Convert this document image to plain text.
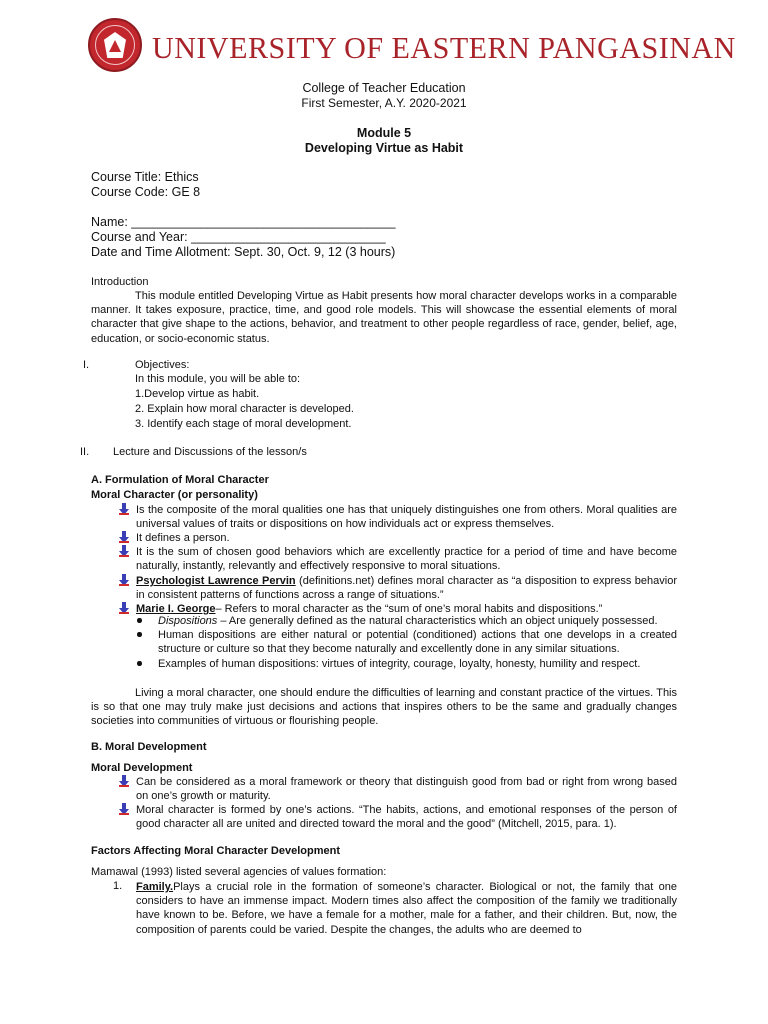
UNIVERSITY OF EASTERN PANGASINAN
College of Teacher Education
First Semester, A.Y. 2020-2021
Module 5
Developing Virtue as Habit
Course Title: Ethics
Course Code: GE 8
Name: ______________________________________
Course and Year: ____________________________
Date and Time Allotment: Sept. 30, Oct. 9, 12 (3 hours)
Introduction
This module entitled Developing Virtue as Habit presents how moral character develops works in a comparable manner. It takes exposure, practice, time, and good role models. This will showcase the essential elements of moral character that give shape to the actions, behavior, and treatment to other people regardless of race, gender, belief, age, education, or socio-economic status.
I.	Objectives:
In this module, you will be able to:
1.Develop virtue as habit.
2. Explain how moral character is developed.
3. Identify each stage of moral development.
II. Lecture and Discussions of the lesson/s
A. Formulation of Moral Character
Moral Character (or personality)
Is the composite of the moral qualities one has that uniquely distinguishes one from others. Moral qualities are universal values of traits or dispositions on how individuals act or express themselves.
It defines a person.
It is the sum of chosen good behaviors which are excellently practice for a period of time and have become naturally, instantly, relevantly and effectively responsive to moral situations.
Psychologist Lawrence Pervin (definitions.net) defines moral character as “a disposition to express behavior in consistent patterns of functions across a range of situations.”
Marie I. George– Refers to moral character as the “sum of one’s moral habits and dispositions.”
Dispositions – Are generally defined as the natural characteristics which an object uniquely possessed.
Human dispositions are either natural or potential (conditioned) actions that one develops in a created structure or culture so that they become naturally and excellently done in any similar situations.
Examples of human dispositions: virtues of integrity, courage, loyalty, honesty, humility and respect.
Living a moral character, one should endure the difficulties of learning and constant practice of the virtues. This is so that one may truly make just decisions and actions that inspires others to be the same and gradually changes societies into communities of virtuous or flourishing people.
B. Moral Development
Moral Development
Can be considered as a moral framework or theory that distinguish good from bad or right from wrong based on one’s growth or maturity.
Moral character is formed by one’s actions. “The habits, actions, and emotional responses of the person of good character all are united and directed toward the moral and the good” (Mitchell, 2015, para. 1).
Factors Affecting Moral Character Development
Mamawal (1993) listed several agencies of values formation:
1. Family.Plays a crucial role in the formation of someone’s character. Biological or not, the family that one considers to have an immense impact. Modern times also affect the composition of the family we traditionally have known to be. Before, we have a female for a mother, male for a father, and their children. But, now, the composition of parents could be varied. Despite the changes, the adults who are deemed to
